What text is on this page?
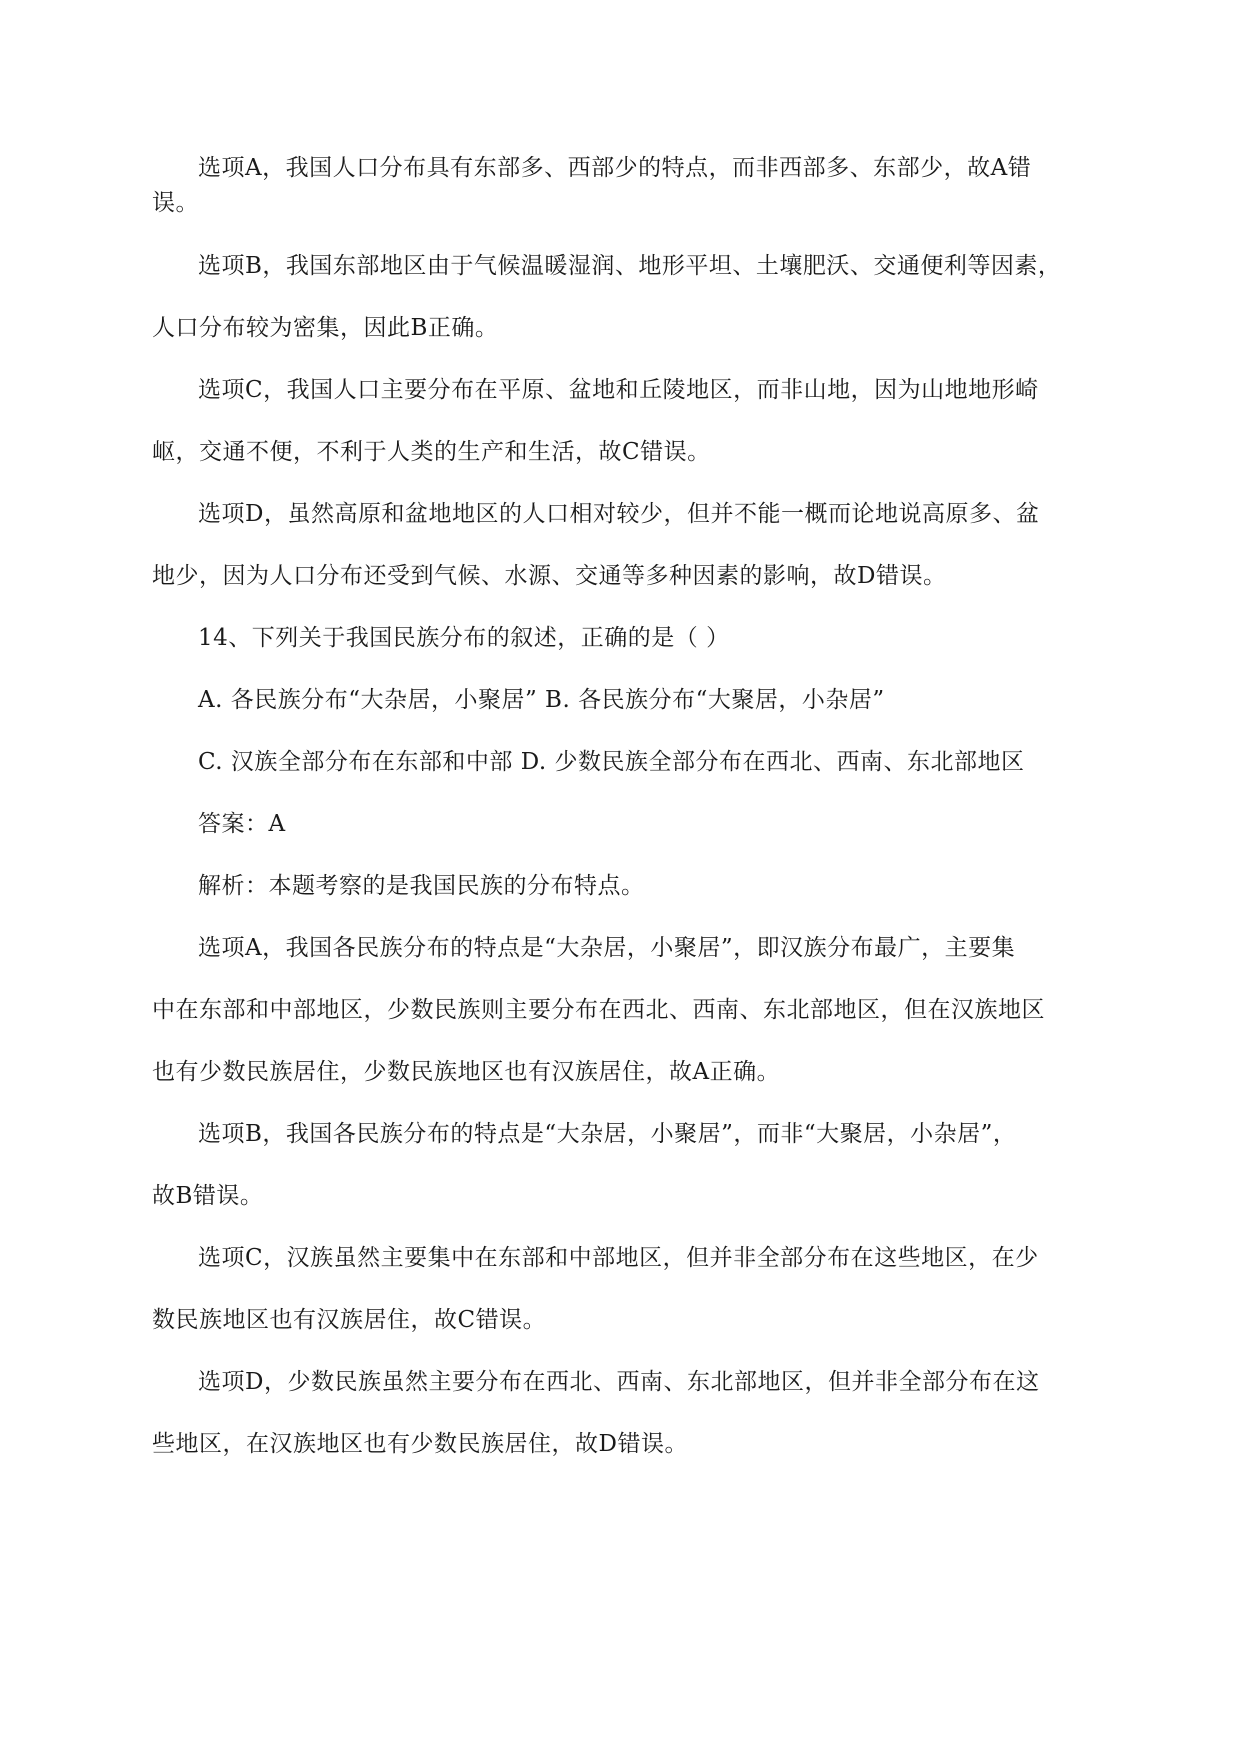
选项A，我国人口分布具有东部多、西部少的特点，而非西部多、东部少，故A错
误。
选项B，我国东部地区由于气候温暖湿润、地形平坦、土壤肥沃、交通便利等因素，
人口分布较为密集，因此B正确。
选项C，我国人口主要分布在平原、盆地和丘陵地区，而非山地，因为山地地形崎
岖，交通不便，不利于人类的生产和生活，故C错误。
选项D，虽然高原和盆地地区的人口相对较少，但并不能一概而论地说高原多、盆
地少，因为人口分布还受到气候、水源、交通等多种因素的影响，故D错误。
14、下列关于我国民族分布的叙述，正确的是（ ）
A. 各民族分布“大杂居，小聚居” B. 各民族分布“大聚居，小杂居”
C. 汉族全部分布在东部和中部 D. 少数民族全部分布在西北、西南、东北部地区
答案：A
解析：本题考察的是我国民族的分布特点。
选项A，我国各民族分布的特点是“大杂居，小聚居”，即汉族分布最广，主要集
中在东部和中部地区，少数民族则主要分布在西北、西南、东北部地区，但在汉族地区
也有少数民族居住，少数民族地区也有汉族居住，故A正确。
选项B，我国各民族分布的特点是“大杂居，小聚居”，而非“大聚居，小杂居”，
故B错误。
选项C，汉族虽然主要集中在东部和中部地区，但并非全部分布在这些地区，在少
数民族地区也有汉族居住，故C错误。
选项D，少数民族虽然主要分布在西北、西南、东北部地区，但并非全部分布在这
些地区，在汉族地区也有少数民族居住，故D错误。
